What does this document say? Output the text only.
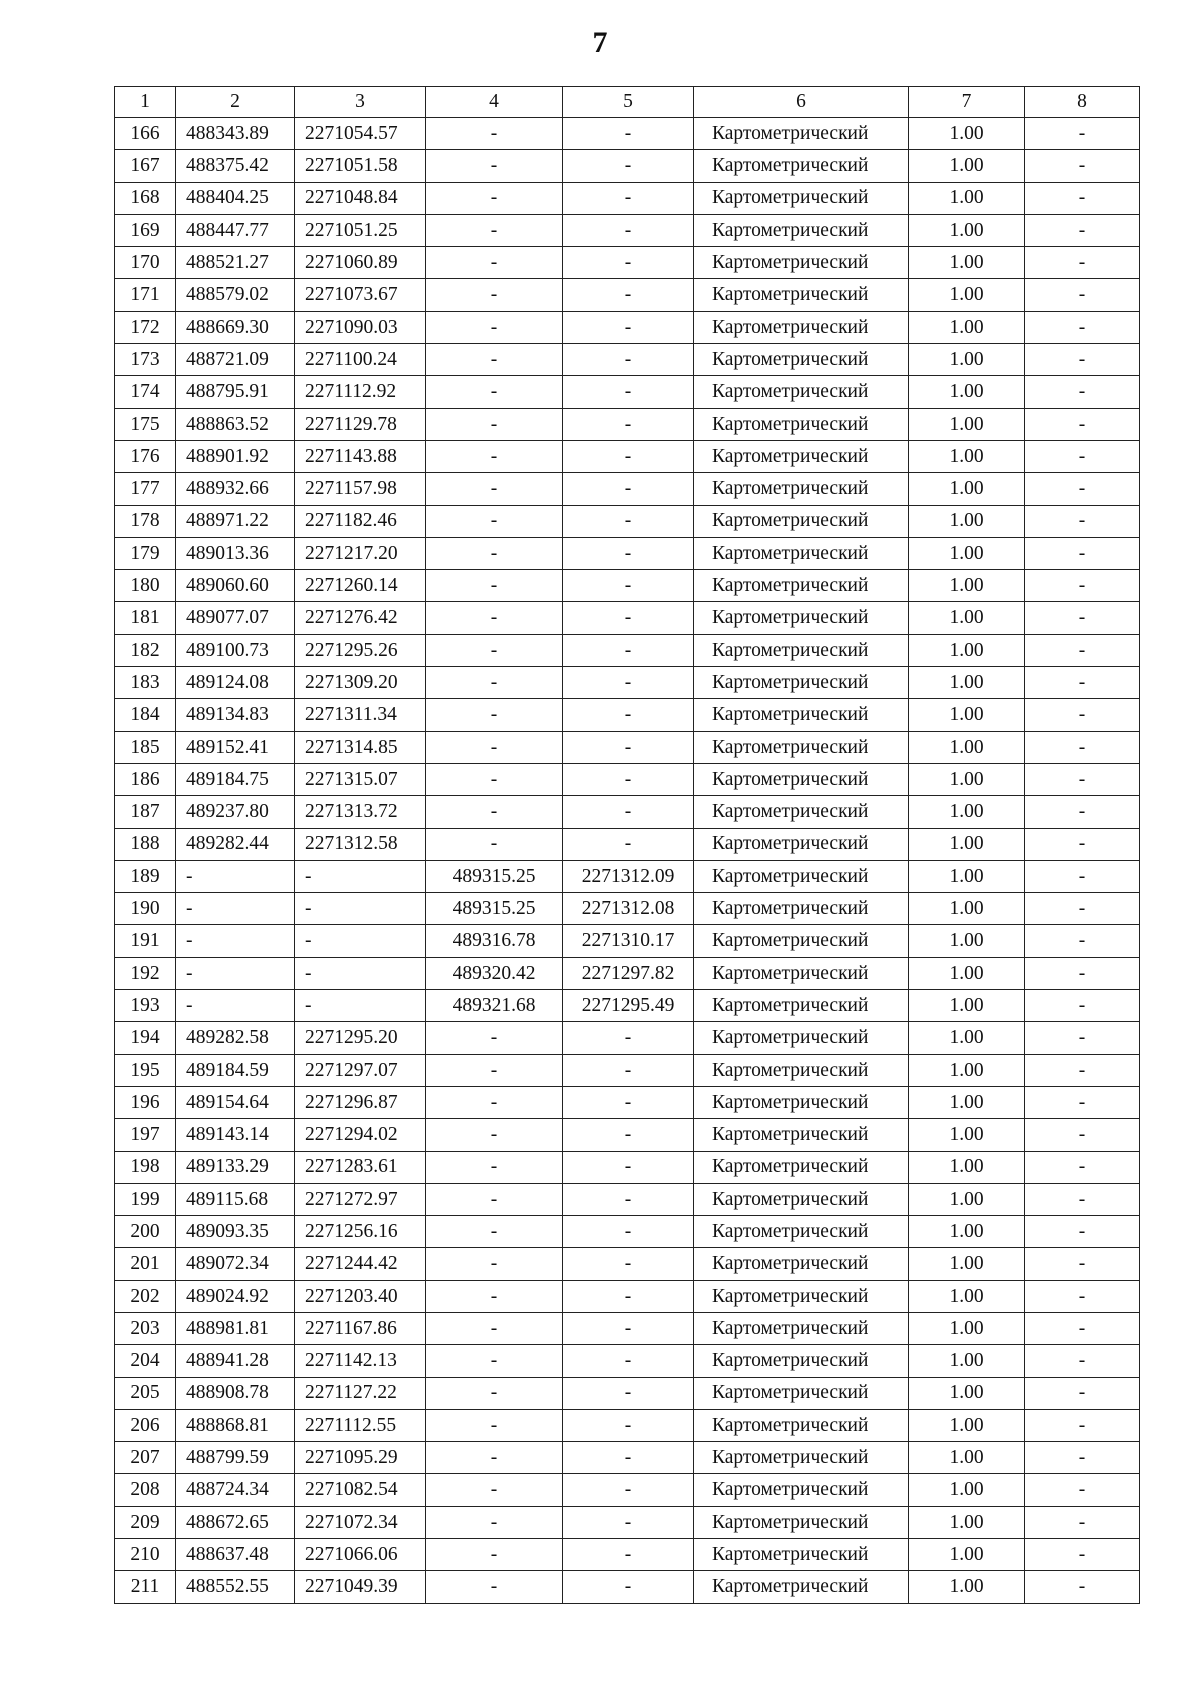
7
1	2	3	4	5	6	7	8
166	488343.89	2271054.57	-	-	Картометрический	1.00	-
167	488375.42	2271051.58	-	-	Картометрический	1.00	-
168	488404.25	2271048.84	-	-	Картометрический	1.00	-
169	488447.77	2271051.25	-	-	Картометрический	1.00	-
170	488521.27	2271060.89	-	-	Картометрический	1.00	-
171	488579.02	2271073.67	-	-	Картометрический	1.00	-
172	488669.30	2271090.03	-	-	Картометрический	1.00	-
173	488721.09	2271100.24	-	-	Картометрический	1.00	-
174	488795.91	2271112.92	-	-	Картометрический	1.00	-
175	488863.52	2271129.78	-	-	Картометрический	1.00	-
176	488901.92	2271143.88	-	-	Картометрический	1.00	-
177	488932.66	2271157.98	-	-	Картометрический	1.00	-
178	488971.22	2271182.46	-	-	Картометрический	1.00	-
179	489013.36	2271217.20	-	-	Картометрический	1.00	-
180	489060.60	2271260.14	-	-	Картометрический	1.00	-
181	489077.07	2271276.42	-	-	Картометрический	1.00	-
182	489100.73	2271295.26	-	-	Картометрический	1.00	-
183	489124.08	2271309.20	-	-	Картометрический	1.00	-
184	489134.83	2271311.34	-	-	Картометрический	1.00	-
185	489152.41	2271314.85	-	-	Картометрический	1.00	-
186	489184.75	2271315.07	-	-	Картометрический	1.00	-
187	489237.80	2271313.72	-	-	Картометрический	1.00	-
188	489282.44	2271312.58	-	-	Картометрический	1.00	-
189	-	-	489315.25	2271312.09	Картометрический	1.00	-
190	-	-	489315.25	2271312.08	Картометрический	1.00	-
191	-	-	489316.78	2271310.17	Картометрический	1.00	-
192	-	-	489320.42	2271297.82	Картометрический	1.00	-
193	-	-	489321.68	2271295.49	Картометрический	1.00	-
194	489282.58	2271295.20	-	-	Картометрический	1.00	-
195	489184.59	2271297.07	-	-	Картометрический	1.00	-
196	489154.64	2271296.87	-	-	Картометрический	1.00	-
197	489143.14	2271294.02	-	-	Картометрический	1.00	-
198	489133.29	2271283.61	-	-	Картометрический	1.00	-
199	489115.68	2271272.97	-	-	Картометрический	1.00	-
200	489093.35	2271256.16	-	-	Картометрический	1.00	-
201	489072.34	2271244.42	-	-	Картометрический	1.00	-
202	489024.92	2271203.40	-	-	Картометрический	1.00	-
203	488981.81	2271167.86	-	-	Картометрический	1.00	-
204	488941.28	2271142.13	-	-	Картометрический	1.00	-
205	488908.78	2271127.22	-	-	Картометрический	1.00	-
206	488868.81	2271112.55	-	-	Картометрический	1.00	-
207	488799.59	2271095.29	-	-	Картометрический	1.00	-
208	488724.34	2271082.54	-	-	Картометрический	1.00	-
209	488672.65	2271072.34	-	-	Картометрический	1.00	-
210	488637.48	2271066.06	-	-	Картометрический	1.00	-
211	488552.55	2271049.39	-	-	Картометрический	1.00	-
